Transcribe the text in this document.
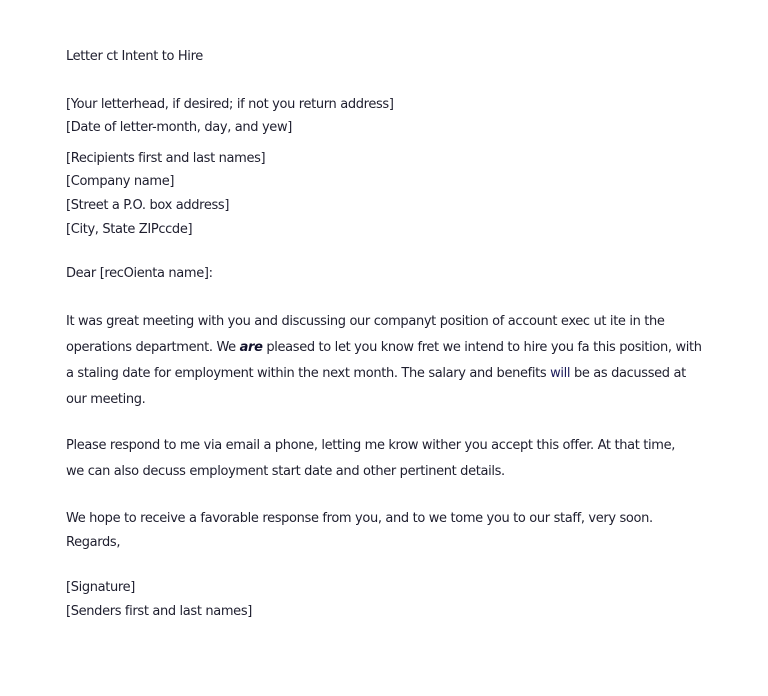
Letter ct Intent to Hire
[Your letterhead, if desired; if not you return address]
[Date of letter-month, day, and yew]
[Recipients first and last names]
[Company name]
[Street a P.O. box address]
[City, State ZIPccde]
Dear [recOienta name]:
It was great meeting with you and discussing our companyt position of account exec ut ite in the
operations department. We are pleased to let you know fret we intend to hire you fa this position, with
a staling date for employment within the next month. The salary and benefits will be as dacussed at
our meeting.
Please respond to me via email a phone, letting me krow wither you accept this offer. At that time,
we can also decuss employment start date and other pertinent details.
We hope to receive a favorable response from you, and to we tome you to our staff, very soon.
Regards,
[Signature]
[Senders first and last names]
